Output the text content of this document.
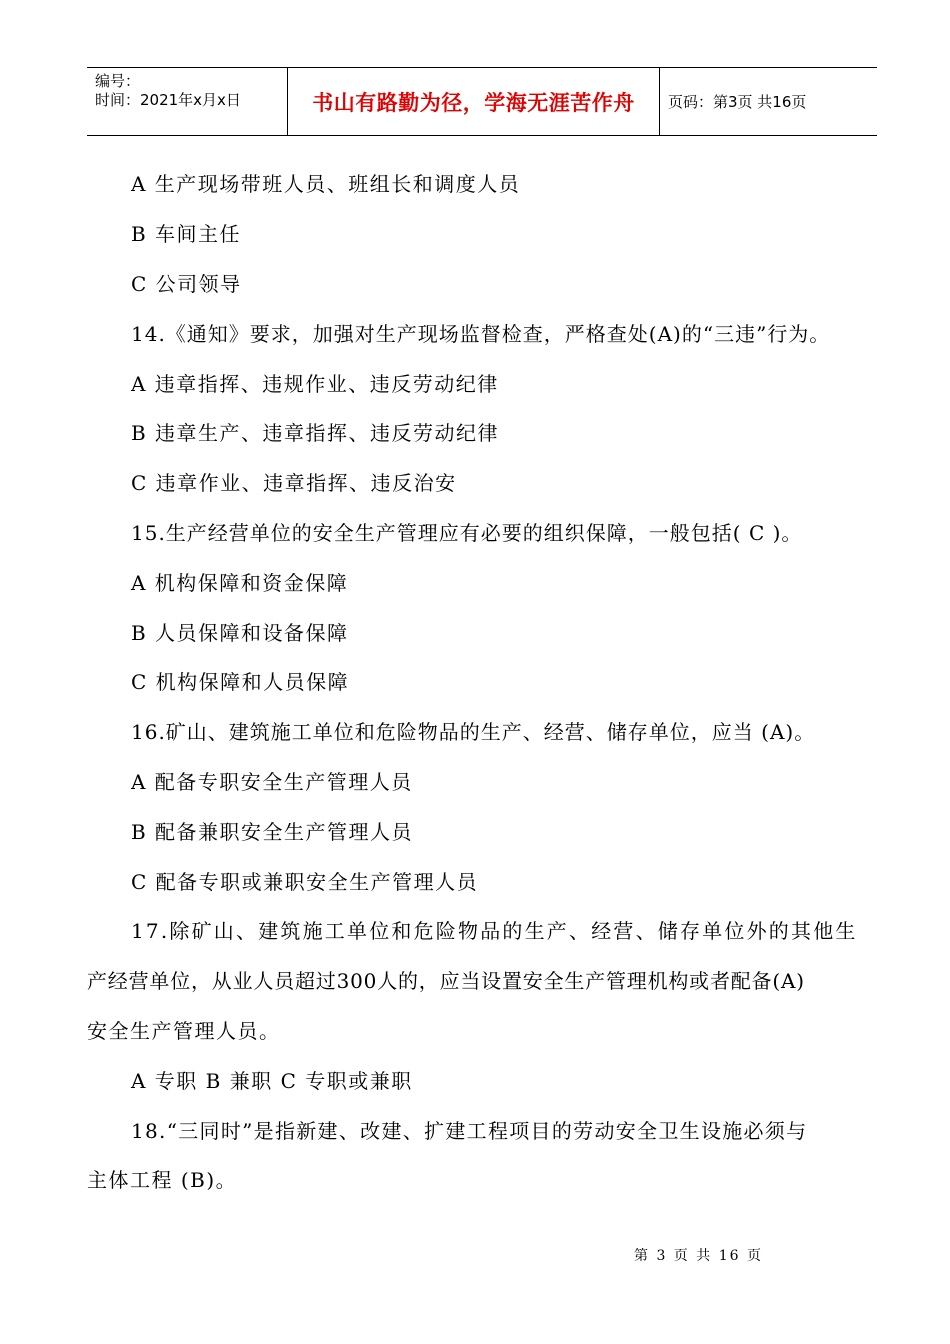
编号：
时间：2021年x月x日	书山有路勤为径，学海无涯苦作舟	页码：第3页 共16页
A 生产现场带班人员、班组长和调度人员
B 车间主任
C 公司领导
14.《通知》要求，加强对生产现场监督检查，严格查处(A)的“三违”行为。
A 违章指挥、违规作业、违反劳动纪律
B 违章生产、违章指挥、违反劳动纪律
C 违章作业、违章指挥、违反治安
15.生产经营单位的安全生产管理应有必要的组织保障，一般包括( C )。
A 机构保障和资金保障
B 人员保障和设备保障
C 机构保障和人员保障
16.矿山、建筑施工单位和危险物品的生产、经营、储存单位，应当 (A)。
A 配备专职安全生产管理人员
B 配备兼职安全生产管理人员
C 配备专职或兼职安全生产管理人员
17.除矿山、建筑施工单位和危险物品的生产、经营、储存单位外的其他生
产经营单位，从业人员超过300人的，应当设置安全生产管理机构或者配备(A)
安全生产管理人员。
A 专职 B 兼职 C 专职或兼职
18.“三同时”是指新建、改建、扩建工程项目的劳动安全卫生设施必须与
主体工程 (B)。
第 3 页 共 16 页
